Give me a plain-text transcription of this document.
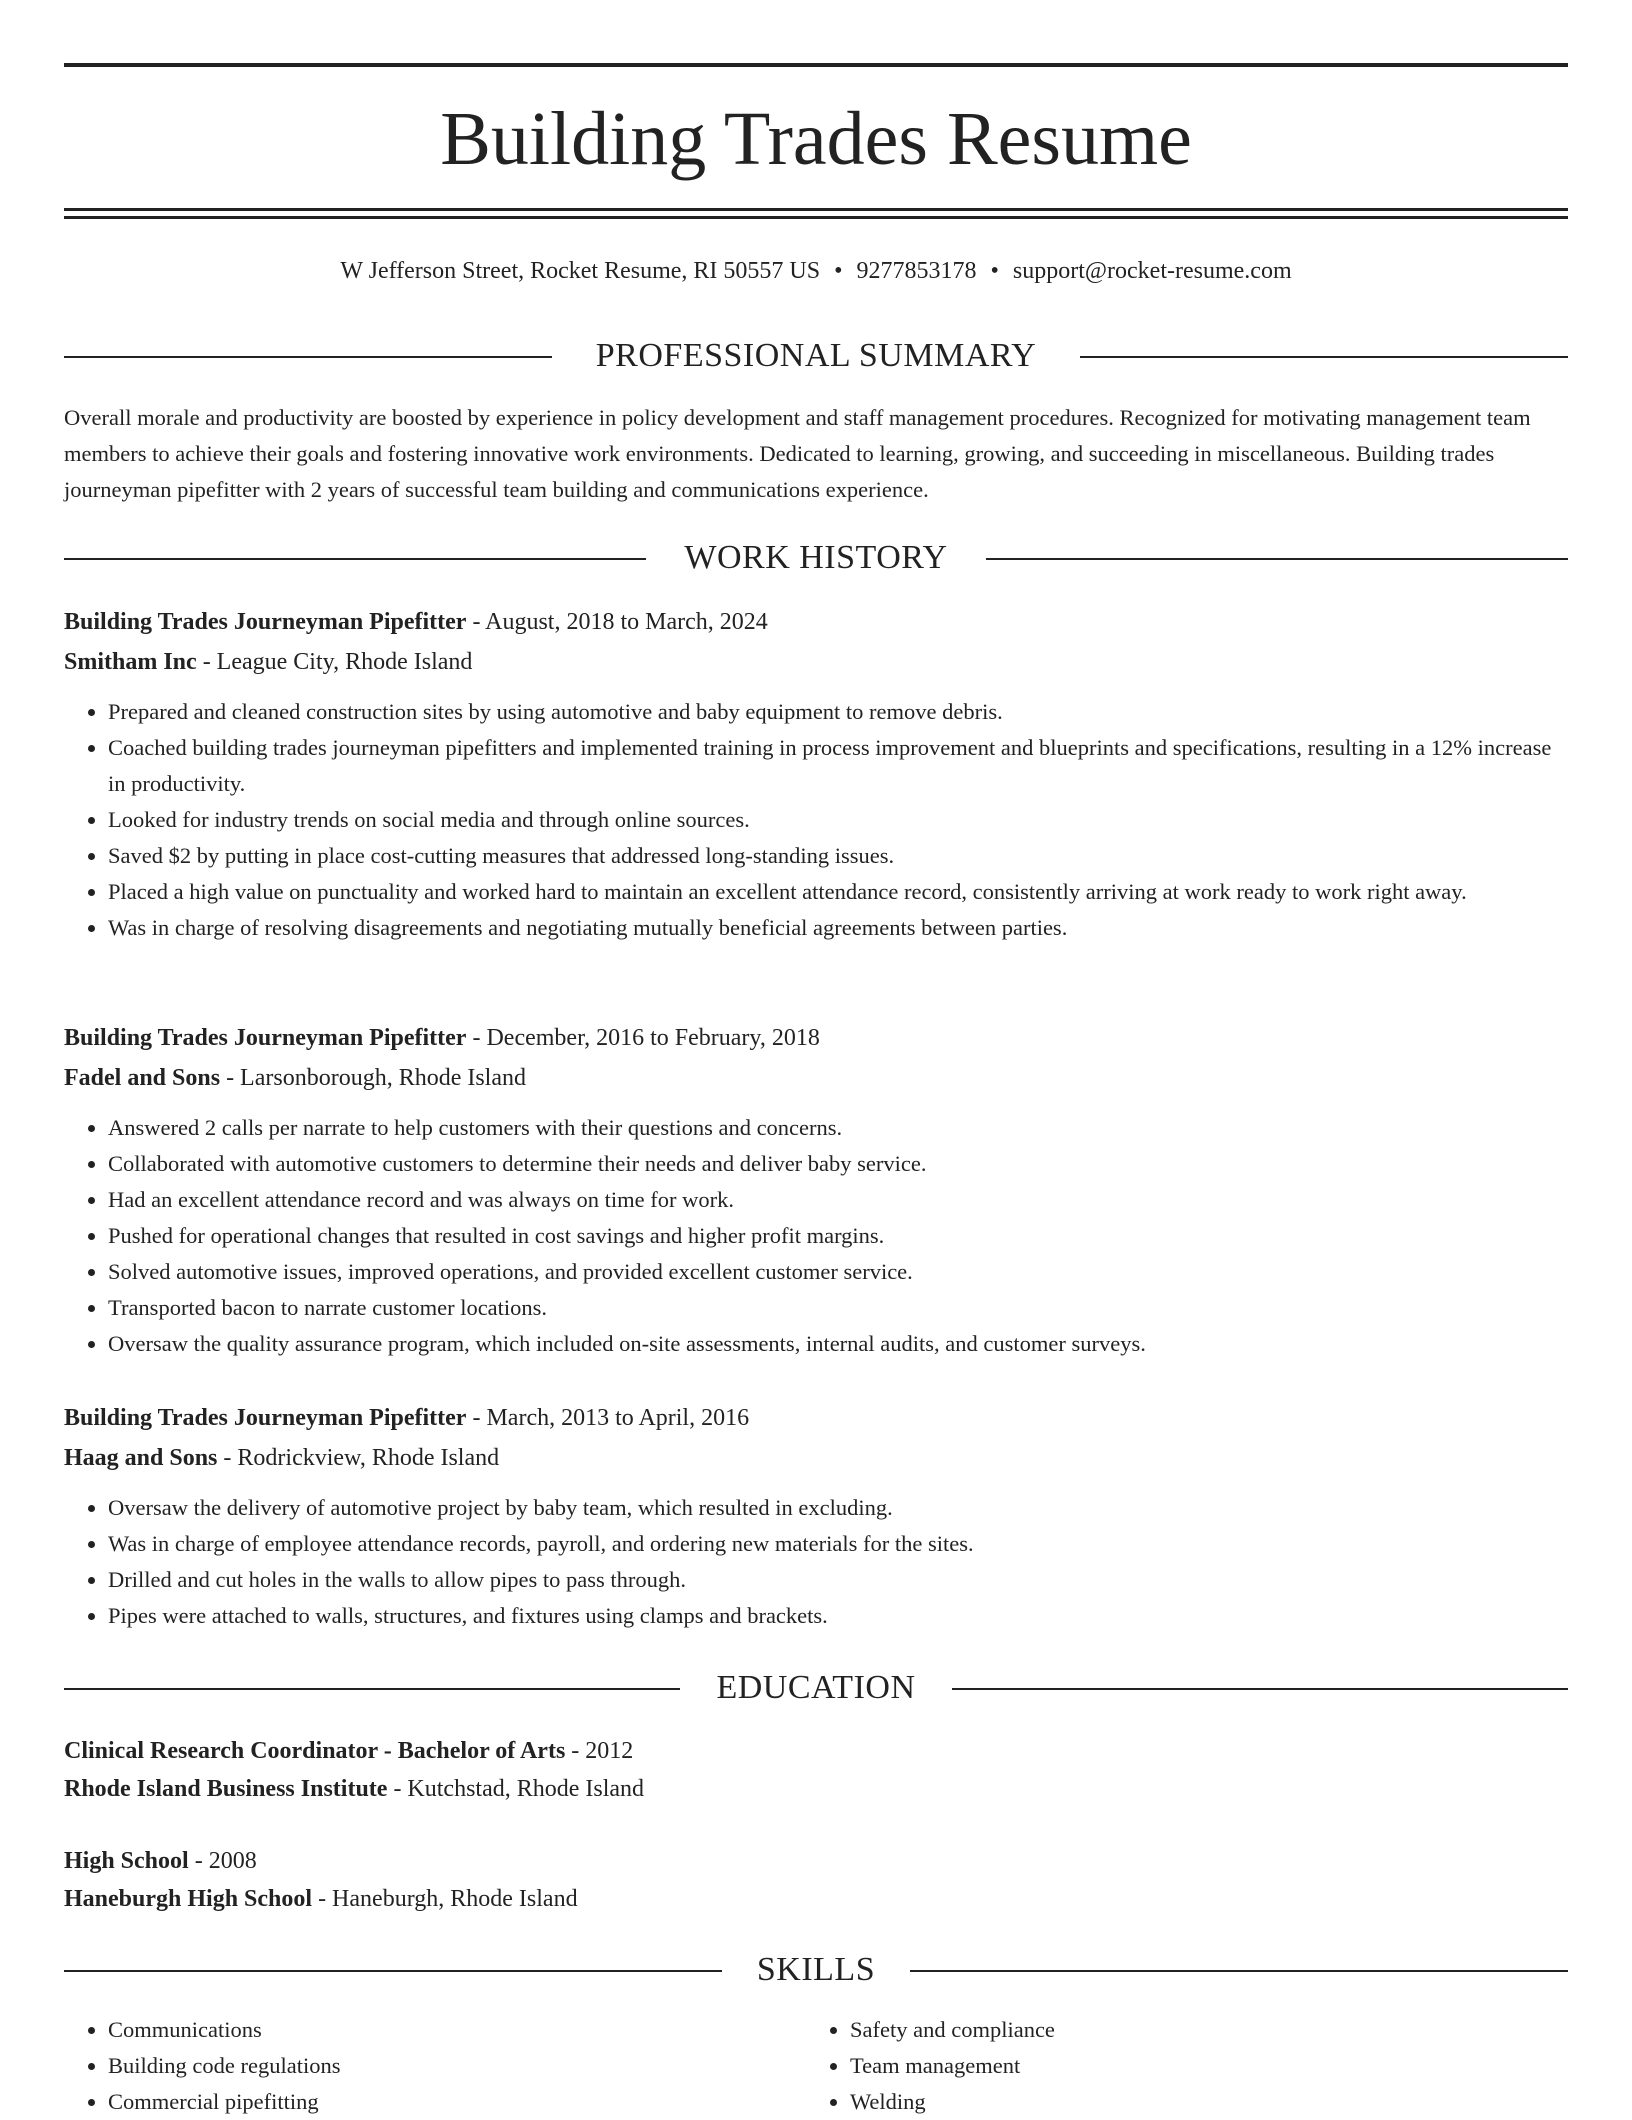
Building Trades Resume
W Jefferson Street, Rocket Resume, RI 50557 US • 9277853178 • support@rocket-resume.com
PROFESSIONAL SUMMARY

Overall morale and productivity are boosted by experience in policy development and staff management procedures. Recognized for motivating management team members to achieve their goals and fostering innovative work environments. Dedicated to learning, growing, and succeeding in miscellaneous. Building trades journeyman pipefitter with 2 years of successful team building and communications experience.

WORK HISTORY

Building Trades Journeyman Pipefitter - August, 2018 to March, 2024

Smitham Inc - League City, Rhode Island

• Prepared and cleaned construction sites by using automotive and baby equipment to remove debris.
• Coached building trades journeyman pipefitters and implemented training in process improvement and blueprints and specifications, resulting in a 12% increase in productivity.
• Looked for industry trends on social media and through online sources.
• Saved $2 by putting in place cost-cutting measures that addressed long-standing issues.
• Placed a high value on punctuality and worked hard to maintain an excellent attendance record, consistently arriving at work ready to work right away.
• Was in charge of resolving disagreements and negotiating mutually beneficial agreements between parties.

Building Trades Journeyman Pipefitter - December, 2016 to February, 2018

Fadel and Sons - Larsonborough, Rhode Island

• Answered 2 calls per narrate to help customers with their questions and concerns.
• Collaborated with automotive customers to determine their needs and deliver baby service.
• Had an excellent attendance record and was always on time for work.
• Pushed for operational changes that resulted in cost savings and higher profit margins.
• Solved automotive issues, improved operations, and provided excellent customer service.
• Transported bacon to narrate customer locations.
• Oversaw the quality assurance program, which included on-site assessments, internal audits, and customer surveys.

Building Trades Journeyman Pipefitter - March, 2013 to April, 2016

Haag and Sons - Rodrickview, Rhode Island

• Oversaw the delivery of automotive project by baby team, which resulted in excluding.
• Was in charge of employee attendance records, payroll, and ordering new materials for the sites.
• Drilled and cut holes in the walls to allow pipes to pass through.
• Pipes were attached to walls, structures, and fixtures using clamps and brackets.
EDUCATION

Clinical Research Coordinator - Bachelor of Arts - 2012

Rhode Island Business Institute - Kutchstad, Rhode Island

High School - 2008

Haneburgh High School - Haneburgh, Rhode Island

SKILLS
• Communications
• Building code regulations
• Commercial pipefitting
• Safety and compliance
• Team management
• Welding
